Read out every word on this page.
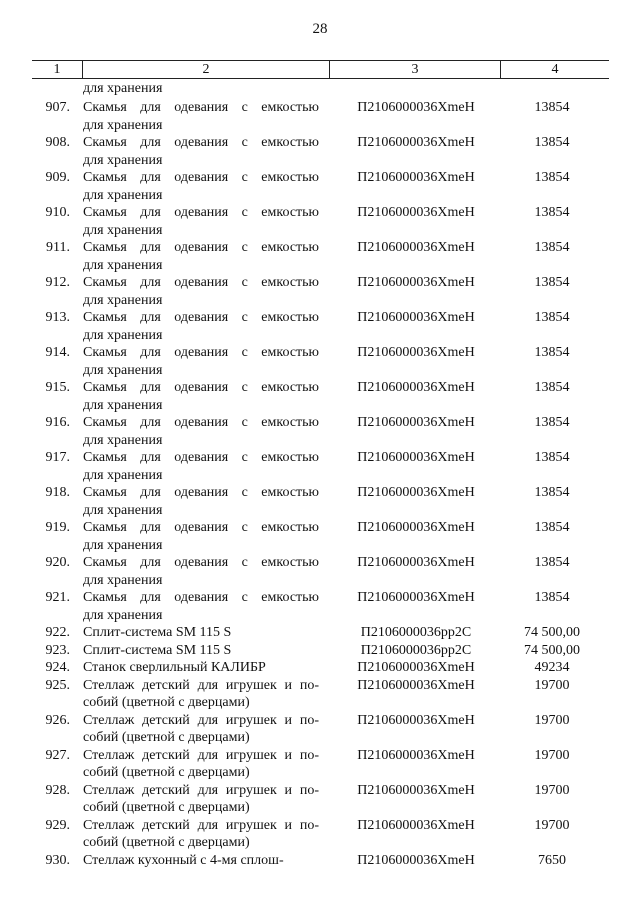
28
1	2	3	4
для хранения
907. Скамья для одевания с емкостью
для хранения
П2106000036ХmeH	13854
908. Скамья для одевания с емкостью
для хранения
П2106000036ХmeH	13854
909. Скамья для одевания с емкостью
для хранения
П2106000036ХmeH	13854
910. Скамья для одевания с емкостью
для хранения
П2106000036ХmeH	13854
911. Скамья для одевания с емкостью
для хранения
П2106000036ХmeH	13854
912. Скамья для одевания с емкостью
для хранения
П2106000036ХmeH	13854
913. Скамья для одевания с емкостью
для хранения
П2106000036ХmeH	13854
914. Скамья для одевания с емкостью
для хранения
П2106000036ХmeH	13854
915. Скамья для одевания с емкостью
для хранения
П2106000036ХmeH	13854
916. Скамья для одевания с емкостью
для хранения
П2106000036ХmeH	13854
917. Скамья для одевания с емкостью
для хранения
П2106000036ХmeH	13854
918. Скамья для одевания с емкостью
для хранения
П2106000036ХmeH	13854
919. Скамья для одевания с емкостью
для хранения
П2106000036ХmeH	13854
920. Скамья для одевания с емкостью
для хранения
П2106000036ХmeH	13854
921. Скамья для одевания с емкостью
для хранения
П2106000036ХmeH	13854
922. Сплит-система SM 115 S	П2106000036рр2С	74 500,00
923. Сплит-система SM 115 S	П2106000036рр2С	74 500,00
924. Станок сверлильный КАЛИБР	П2106000036ХmeH	49234
925. Стеллаж детский для игрушек и по-
собий (цветной с дверцами)
П2106000036ХmeH	19700
926. Стеллаж детский для игрушек и по-
собий (цветной с дверцами)
П2106000036ХmeH	19700
927. Стеллаж детский для игрушек и по-
собий (цветной с дверцами)
П2106000036ХmeH	19700
928. Стеллаж детский для игрушек и по-
собий (цветной с дверцами)
П2106000036ХmeH	19700
929. Стеллаж детский для игрушек и по-
собий (цветной с дверцами)
П2106000036ХmeH	19700
930. Стеллаж кухонный с 4-мя сплош-	П2106000036ХmeH	7650
